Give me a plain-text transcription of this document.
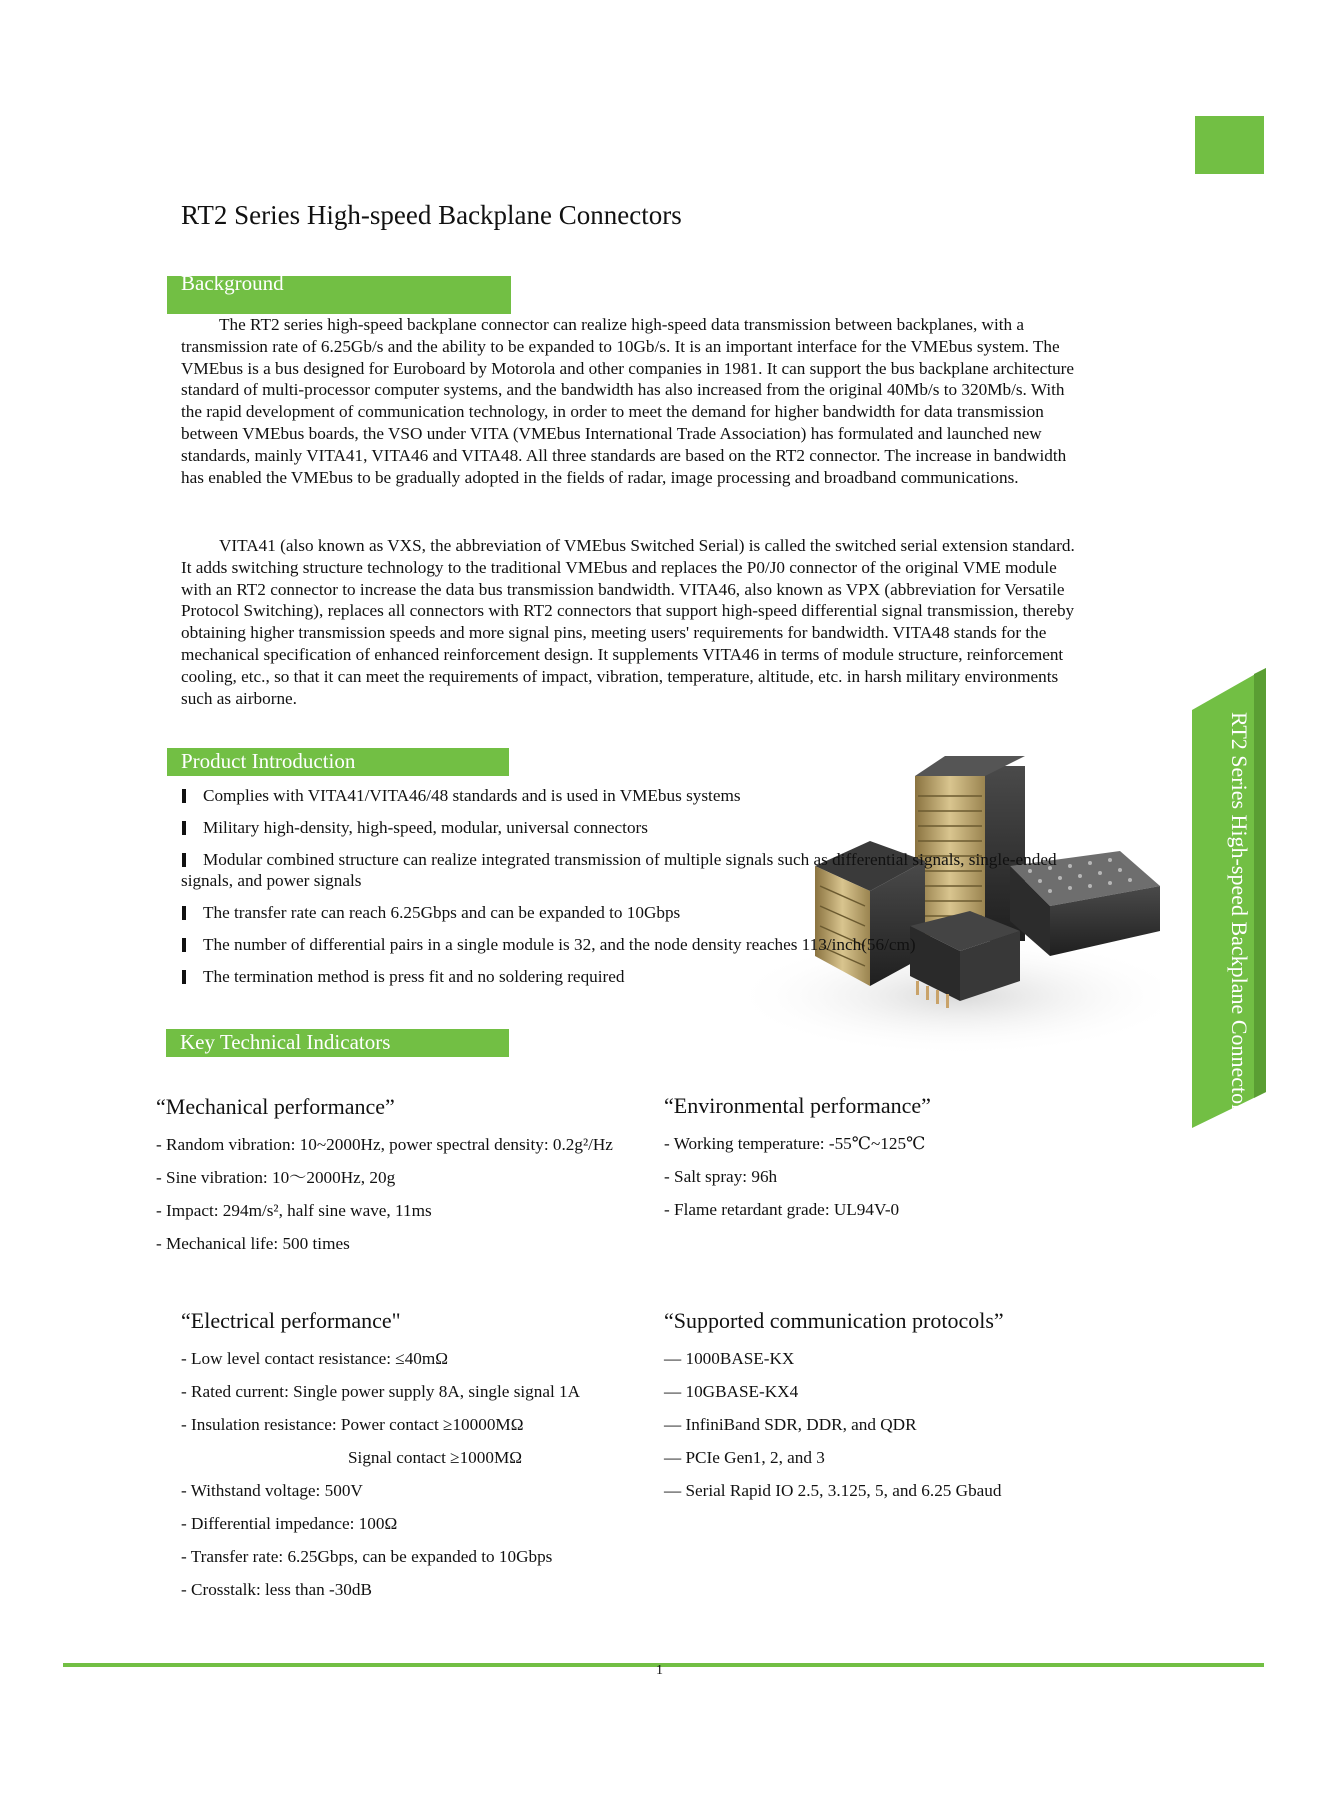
RT2 Series High-speed Backplane Connectors
Background

The RT2 series high-speed backplane connector can realize high-speed data transmission between backplanes, with a transmission rate of 6.25Gb/s and the ability to be expanded to 10Gb/s. It is an important interface for the VMEbus system. The VMEbus is a bus designed for Euroboard by Motorola and other companies in 1981. It can support the bus backplane architecture standard of multi-processor computer systems, and the bandwidth has also increased from the original 40Mb/s to 320Mb/s. With the rapid development of communication technology, in order to meet the demand for higher bandwidth for data transmission between VMEbus boards, the VSO under VITA (VMEbus International Trade Association) has formulated and launched new standards, mainly VITA41, VITA46 and VITA48. All three standards are based on the RT2 connector. The increase in bandwidth has enabled the VMEbus to be gradually adopted in the fields of radar, image processing and broadband communications.

VITA41 (also known as VXS, the abbreviation of VMEbus Switched Serial) is called the switched serial extension standard. It adds switching structure technology to the traditional VMEbus and replaces the P0/J0 connector of the original VME module with an RT2 connector to increase the data bus transmission bandwidth. VITA46, also known as VPX (abbreviation for Versatile Protocol Switching), replaces all connectors with RT2 connectors that support high-speed differential signal transmission, thereby obtaining higher transmission speeds and more signal pins, meeting users' requirements for bandwidth. VITA48 stands for the mechanical specification of enhanced reinforcement design. It supplements VITA46 in terms of module structure, reinforcement cooling, etc., so that it can meet the requirements of impact, vibration, temperature, altitude, etc. in harsh military environments such as airborne.

Product Introduction
Complies with VITA41/VITA46/48 standards and is used in VMEbus systems
Military high-density, high-speed, modular, universal connectors
Modular combined structure can realize integrated transmission of multiple signals such as differential signals, single-ended signals, and power signals
The transfer rate can reach 6.25Gbps and can be expanded to 10Gbps
The number of differential pairs in a single module is 32, and the node density reaches 113/inch(56/cm)
The termination method is press fit and no soldering required	RT2 Series High-speed Backplane Connectors
Key Technical Indicators
“Mechanical performance”
- Random vibration: 10~2000Hz, power spectral density: 0.2g²/Hz
- Sine vibration: 10～2000Hz, 20g
- Impact: 294m/s², half sine wave, 11ms
- Mechanical life: 500 times
“Environmental performance”
- Working temperature: -55℃~125℃
- Salt spray: 96h
- Flame retardant grade: UL94V-0
“Electrical performance"
- Low level contact resistance: ≤40mΩ
- Rated current: Single power supply 8A, single signal 1A
- Insulation resistance: Power contact ≥10000MΩ
Signal contact ≥1000MΩ
- Withstand voltage: 500V
- Differential impedance: 100Ω
- Transfer rate: 6.25Gbps, can be expanded to 10Gbps
- Crosstalk: less than -30dB
“Supported communication protocols”
— 1000BASE-KX
— 10GBASE-KX4
— InfiniBand SDR, DDR, and QDR
— PCIe Gen1, 2, and 3
— Serial Rapid IO 2.5, 3.125, 5, and 6.25 Gbaud
1
